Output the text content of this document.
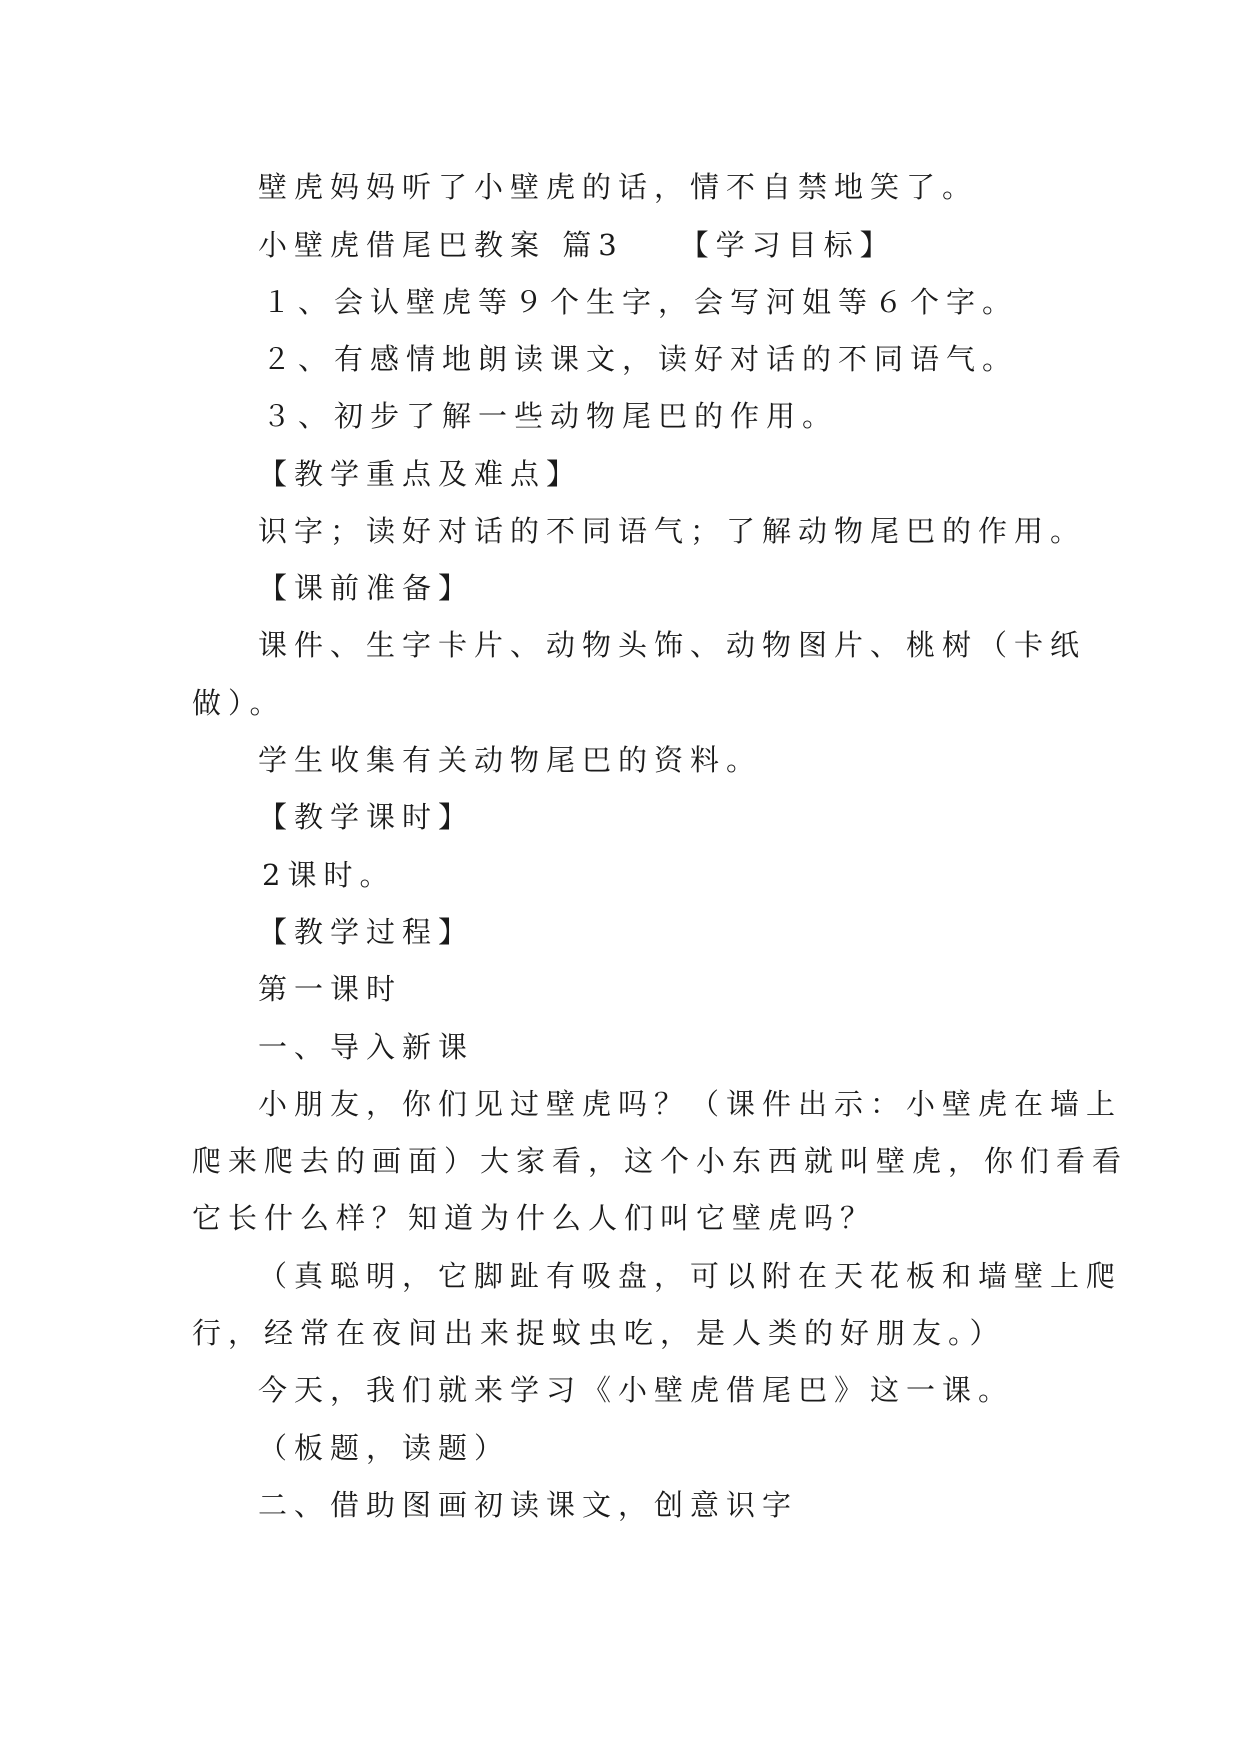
壁虎妈妈听了小壁虎的话，情不自禁地笑了。
小壁虎借尾巴教案 篇3 【学习目标】
１、会认壁虎等９个生字，会写河姐等６个字。
２、有感情地朗读课文，读好对话的不同语气。
３、初步了解一些动物尾巴的作用。
【教学重点及难点】
识字；读好对话的不同语气；了解动物尾巴的作用。
【课前准备】
课件、生字卡片、动物头饰、动物图片、桃树（卡纸
做）。
学生收集有关动物尾巴的资料。
【教学课时】
2课时。
【教学过程】
第一课时
一、导入新课
小朋友，你们见过壁虎吗？（课件出示：小壁虎在墙上
爬来爬去的画面）大家看，这个小东西就叫壁虎，你们看看
它长什么样？知道为什么人们叫它壁虎吗？
（真聪明，它脚趾有吸盘，可以附在天花板和墙壁上爬
行，经常在夜间出来捉蚊虫吃，是人类的好朋友。）
今天，我们就来学习《小壁虎借尾巴》这一课。
（板题，读题）
二、借助图画初读课文，创意识字
